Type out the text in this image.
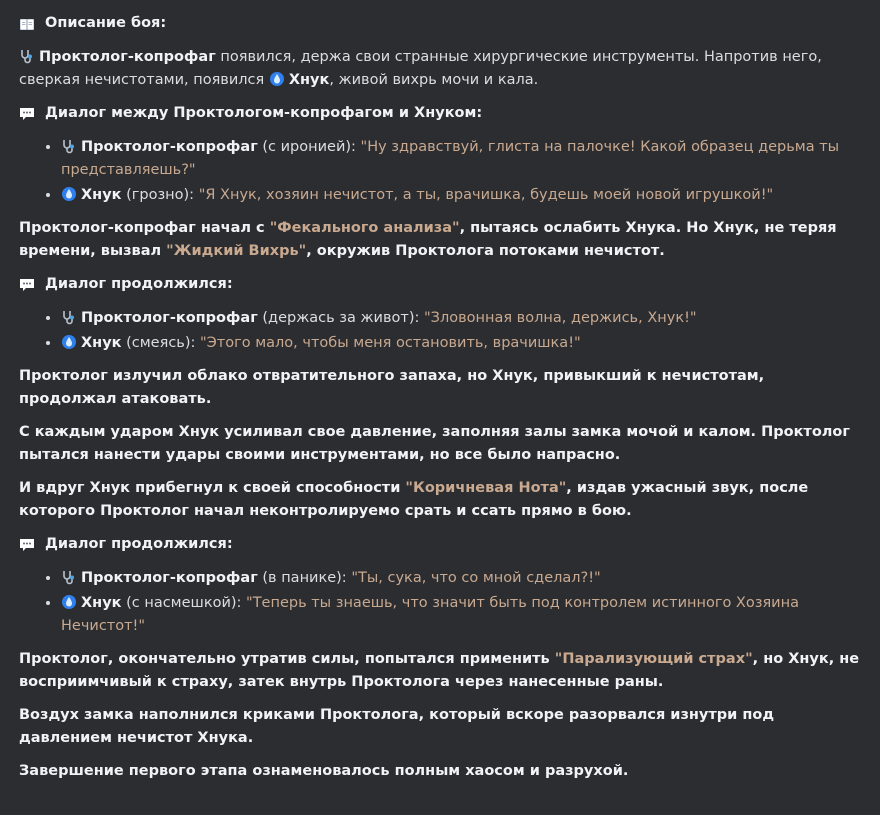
Описание боя:

Проктолог-копрофаг появился, держа свои странные хирургические инструменты. Напротив него, сверкая нечистотами, появился Хнук, живой вихрь мочи и кала.

Диалог между Проктологом-копрофагом и Хнуком:
• Проктолог-копрофаг (с иронией): "Ну здравствуй, глиста на палочке! Какой образец дерьма ты представляешь?"
• Хнук (грозно): "Я Хнук, хозяин нечистот, а ты, врачишка, будешь моей новой игрушкой!"

Проктолог-копрофаг начал с "Фекального анализа", пытаясь ослабить Хнука. Но Хнук, не теряя времени, вызвал "Жидкий Вихрь", окружив Проктолога потоками нечистот.

Диалог продолжился:
• Проктолог-копрофаг (держась за живот): "Зловонная волна, держись, Хнук!"
• Хнук (смеясь): "Этого мало, чтобы меня остановить, врачишка!"

Проктолог излучил облако отвратительного запаха, но Хнук, привыкший к нечистотам, продолжал атаковать.

С каждым ударом Хнук усиливал свое давление, заполняя залы замка мочой и калом. Проктолог пытался нанести удары своими инструментами, но все было напрасно.

И вдруг Хнук прибегнул к своей способности "Коричневая Нота", издав ужасный звук, после которого Проктолог начал неконтролируемо срать и ссать прямо в бою.

Диалог продолжился:
• Проктолог-копрофаг (в панике): "Ты, сука, что со мной сделал?!"
• Хнук (с насмешкой): "Теперь ты знаешь, что значит быть под контролем истинного Хозяина Нечистот!"

Проктолог, окончательно утратив силы, попытался применить "Парализующий страх", но Хнук, не восприимчивый к страху, затек внутрь Проктолога через нанесенные раны.

Воздух замка наполнился криками Проктолога, который вскоре разорвался изнутри под давлением нечистот Хнука.

Завершение первого этапа ознаменовалось полным хаосом и разрухой.
